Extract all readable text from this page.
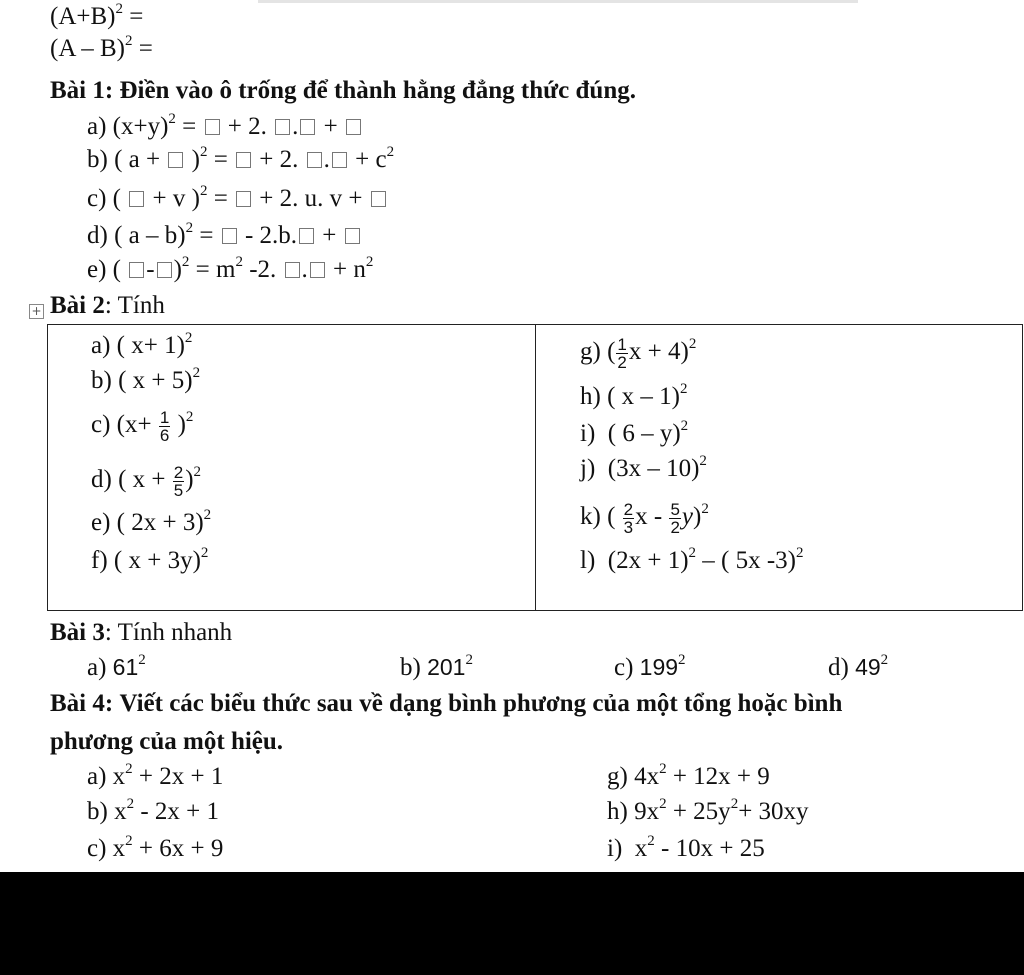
$(A+B)^2$ =
(A – B)$^2$ =
Bài 1: Điền vào ô trống để thành hằng đẳng thức đúng.
a) $(x+y)^2$ =  + 2. . +
b) ( a +  )$^2$ =  + 2. . + $c^2$
c) (  + v )$^2$ =  + 2. u. v +
d) ( a – b)$^2$ =  - 2.b. +
e) ( - )$^2 = m^2$ -2. . + $n^2$
+ Bài 2: Tính
a) ( x+ 1)$^2$
b) ( x + 5)$^2$
c) $(x+ \frac{1}{6} )^2$
d) ( $x + \frac{2}{5} )^2$
e) ( 2x + 3)$^2$
f) ( x + 3y)$^2$
g) ( $\frac{1}{2}$ x + 4)$^2$
h) ( x – 1)$^2$
i)  ( 6 – y)$^2$
j)  (3x – 10)$^2$
k) ( $\frac{2}{3}$ x - $\frac{5}{2} y)^2$
l)  $(2x + 1)^2$ – ( 5x -3)$^2$
Bài 3: Tính nhanh
a) $61^2$	b) $201^2$	c) $199^2$	d) $49^2$
Bài 4: Viết các biểu thức sau về dạng bình phương của một tổng hoặc bình
phương của một hiệu.
a) $x^2 + 2x + 1$
b) $x^2 - 2x + 1$
c) $x^2 + 6x + 9$
g) $4x^2 + 12x + 9$
h) $9x^2 + 25y^2+ 30xy$
i)  $x^2 - 10x + 25$
